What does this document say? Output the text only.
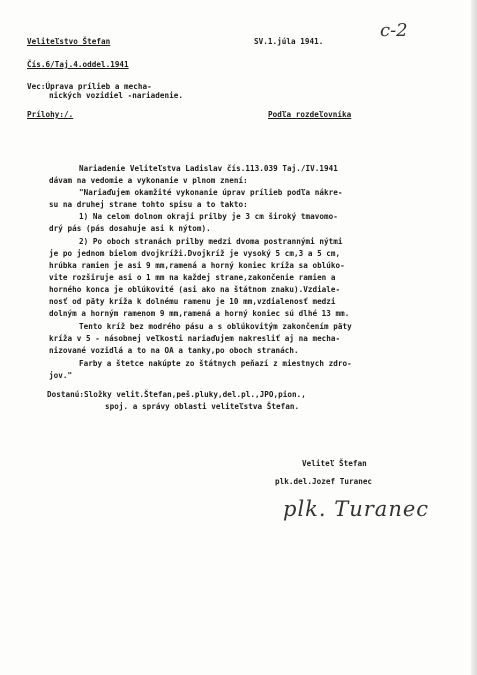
Veliteľstvo Štefan	SV.1.júla 1941.
c-2
Čís.6/Taj.4.oddel.1941
Vec:Úprava prílieb a mecha-
nických vozidiel -nariadenie.
Prílohy:/.	Podľa rozdeľovníka
Nariadenie Veliteľstva Ladislav čís.113.039 Taj./IV.1941
dávam na vedomie a vykonanie v plnom znení:
"Nariaďujem okamžité vykonanie úprav prílieb podľa nákre-
su na druhej strane tohto spisu a to takto:
1) Na celom dolnom okraji prilby je 3 cm široký tmavomo-
drý pás (pás dosahuje asi k nýtom).
2) Po oboch stranách prilby medzi dvoma postrannými nýtmi
je po jednom bielom dvojkríži.Dvojkríž je vysoký 5 cm,3 a 5 cm,
hrúbka ramien je asi 9 mm,ramená a horný koniec kríža sa oblúko-
vite rozširuje asi o 1 mm na každej strane,zakončenie ramien a
horného konca je oblúkovité (asi ako na štátnom znaku).Vzdiale-
nosť od päty kríža k dolnému ramenu je 10 mm,vzdialenosť medzi
dolným a horným ramenom 9 mm,ramená a horný koniec sú dlhé 13 mm.
Tento kríž bez modrého pásu a s oblúkovitým zakončením päty
kríža v 5 - násobnej veľkosti nariaďujem nakresliť aj na mecha-
nizované vozidlá a to na OA a tanky,po oboch stranách.
Farby a štetce nakúpte zo štátnych peňazí z miestnych zdro-
jov."
Dostanú:Složky velit.Štefan,peš.pluky,del.pl.,JPO,pion.,
spoj. a správy oblasti veliteľstva Štefan.
Veliteľ Štefan
plk.del.Jozef Turanec
plk. Turanec
